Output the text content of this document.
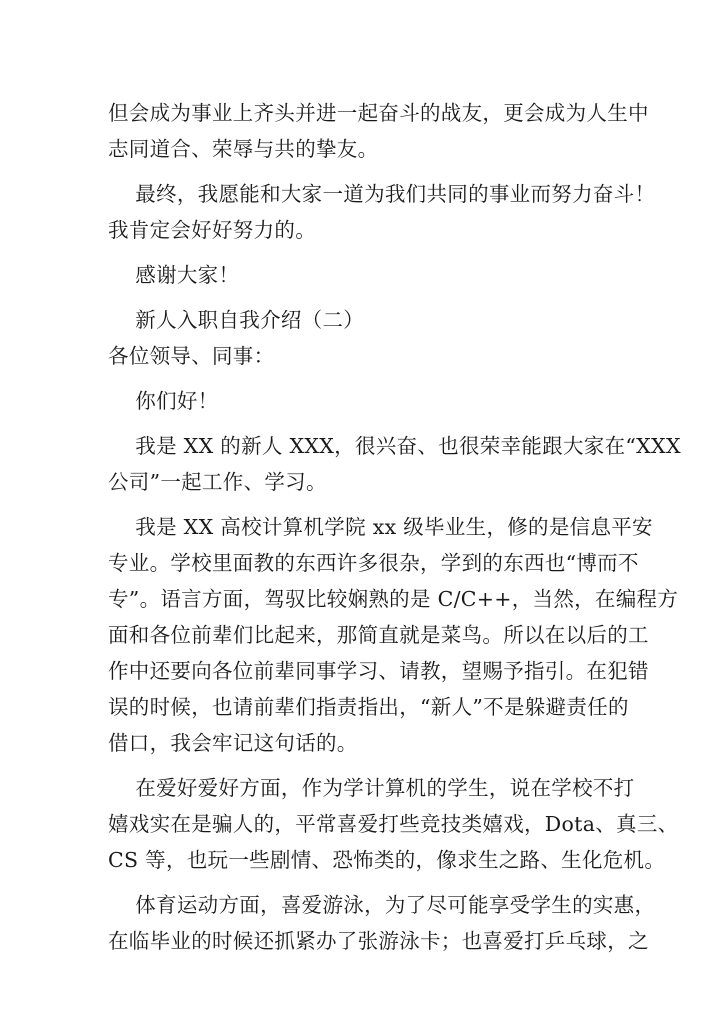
但会成为事业上齐头并进一起奋斗的战友，更会成为人生中
志同道合、荣辱与共的挚友。
最终，我愿能和大家一道为我们共同的事业而努力奋斗！
我肯定会好好努力的。
感谢大家！
新人入职自我介绍（二）
各位领导、同事：
你们好！
我是 XX 的新人 XXX，很兴奋、也很荣幸能跟大家在“XXX
公司”一起工作、学习。
我是 XX 高校计算机学院 xx 级毕业生，修的是信息平安
专业。学校里面教的东西许多很杂，学到的东西也“博而不
专”。语言方面，驾驭比较娴熟的是 C/C++，当然，在编程方
面和各位前辈们比起来，那简直就是菜鸟。所以在以后的工
作中还要向各位前辈同事学习、请教，望赐予指引。在犯错
误的时候，也请前辈们指责指出，“新人”不是躲避责任的
借口，我会牢记这句话的。
在爱好爱好方面，作为学计算机的学生，说在学校不打
嬉戏实在是骗人的，平常喜爱打些竞技类嬉戏，Dota、真三、
CS 等，也玩一些剧情、恐怖类的，像求生之路、生化危机。
体育运动方面，喜爱游泳，为了尽可能享受学生的实惠，
在临毕业的时候还抓紧办了张游泳卡；也喜爱打乒乓球，之
